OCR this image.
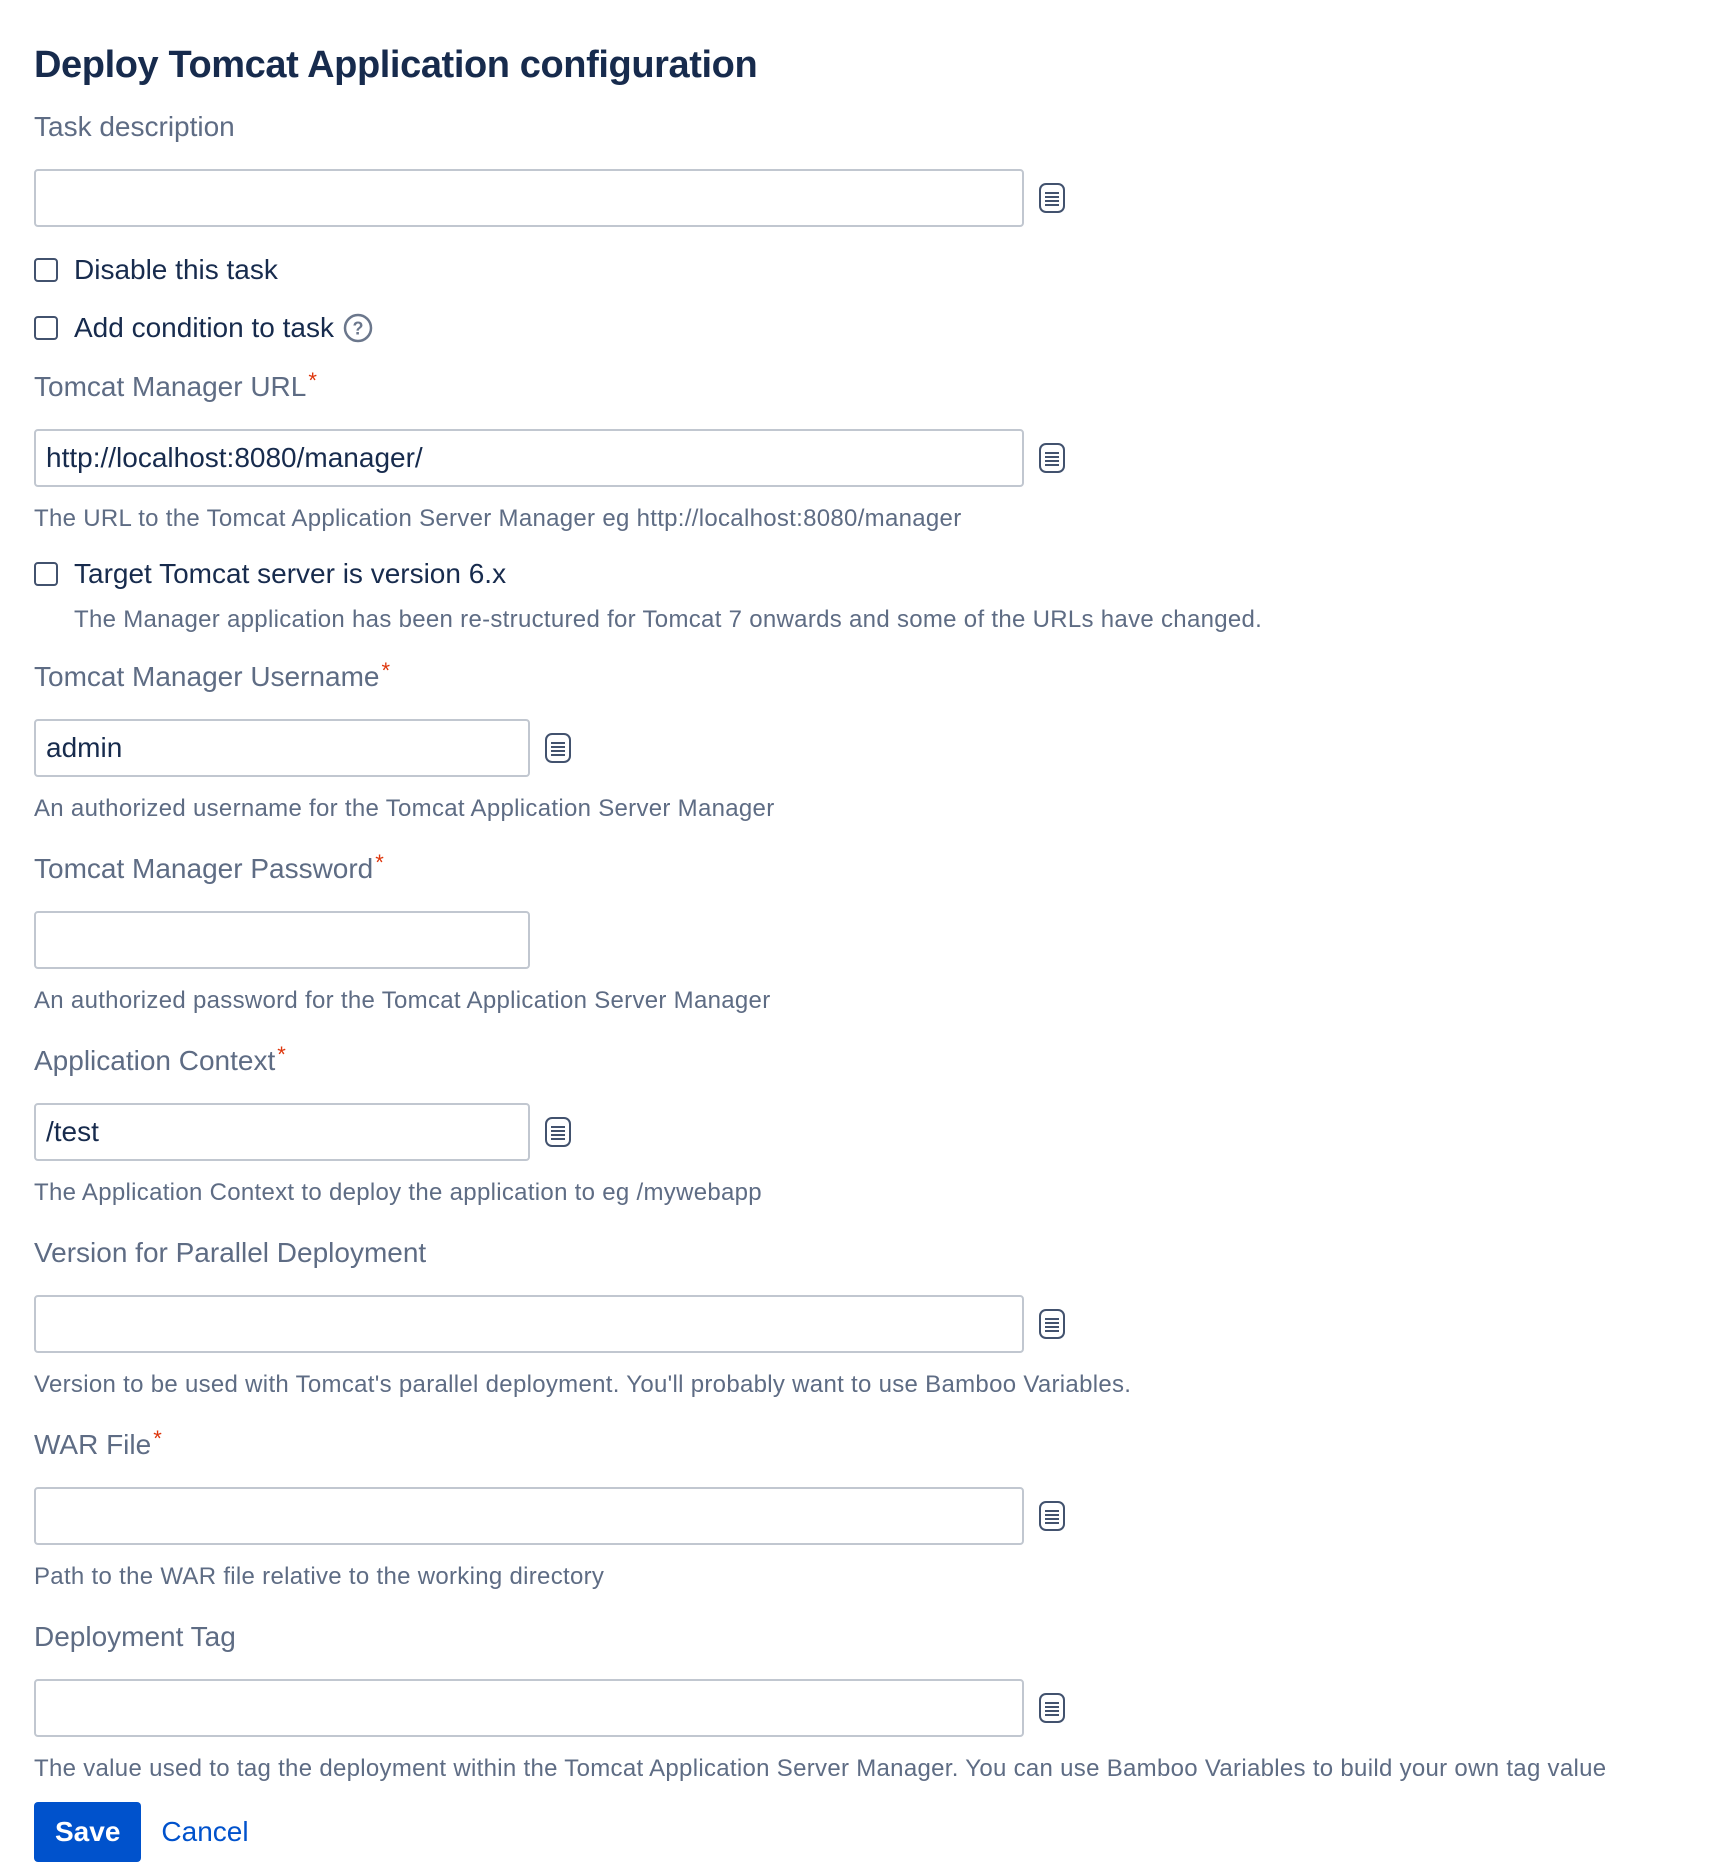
Deploy Tomcat Application configuration
Task description
Disable this task
Add condition to task ?
Tomcat Manager URL*
http://localhost:8080/manager/
The URL to the Tomcat Application Server Manager eg http://localhost:8080/manager
Target Tomcat server is version 6.x
The Manager application has been re-structured for Tomcat 7 onwards and some of the URLs have changed.
Tomcat Manager Username*
admin
An authorized username for the Tomcat Application Server Manager
Tomcat Manager Password*
An authorized password for the Tomcat Application Server Manager
Application Context*
/test
The Application Context to deploy the application to eg /mywebapp
Version for Parallel Deployment
Version to be used with Tomcat's parallel deployment. You'll probably want to use Bamboo Variables.
WAR File*
Path to the WAR file relative to the working directory
Deployment Tag
The value used to tag the deployment within the Tomcat Application Server Manager. You can use Bamboo Variables to build your own tag value
Save	Cancel
